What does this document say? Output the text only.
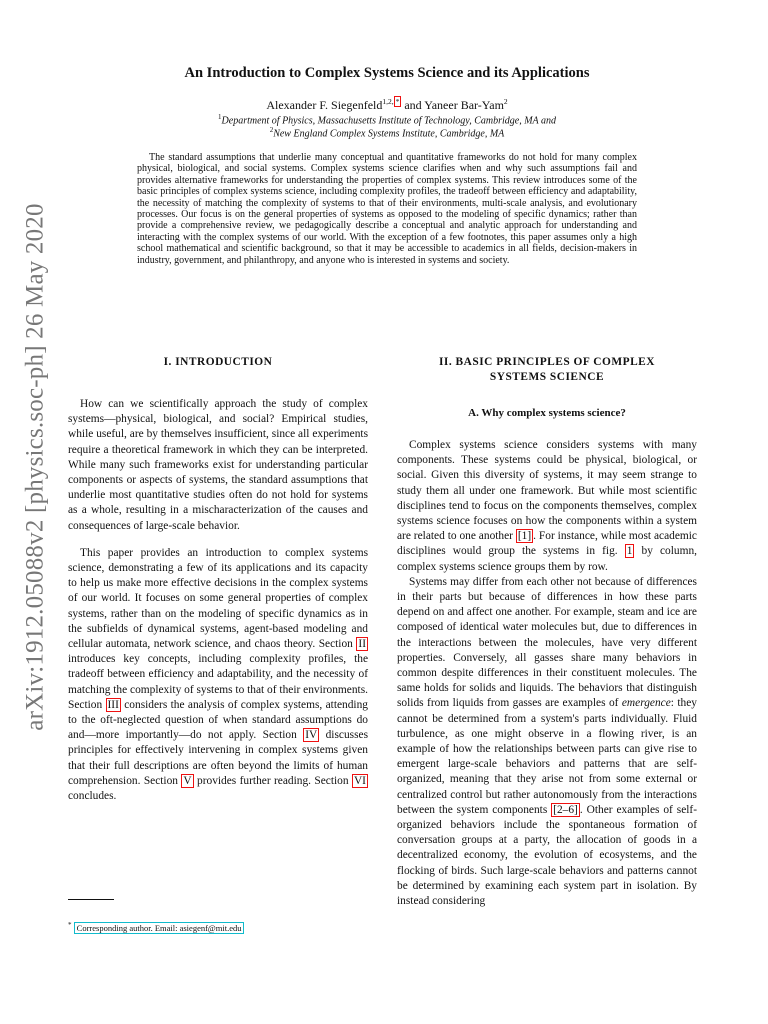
arXiv:1912.05088v2 [physics.soc-ph] 26 May 2020
An Introduction to Complex Systems Science and its Applications
Alexander F. Siegenfeld$^{1,2, *}$ and Yaneer Bar-Yam$^2$
$^1$Department of Physics, Massachusetts Institute of Technology, Cambridge, MA and
$^2$New England Complex Systems Institute, Cambridge, MA

The standard assumptions that underlie many conceptual and quantitative frameworks do not hold for many complex physical, biological, and social systems. Complex systems science clarifies when and why such assumptions fail and provides alternative frameworks for understanding the properties of complex systems. This review introduces some of the basic principles of complex systems science, including complexity profiles, the tradeoff between efficiency and adaptability, the necessity of matching the complexity of systems to that of their environments, multi-scale analysis, and evolutionary processes. Our focus is on the general properties of systems as opposed to the modeling of specific dynamics; rather than provide a comprehensive review, we pedagogically describe a conceptual and analytic approach for understanding and interacting with the complex systems of our world. With the exception of a few footnotes, this paper assumes only a high school mathematical and scientific background, so that it may be accessible to academics in all fields, decision-makers in industry, government, and philanthropy, and anyone who is interested in systems and society.

I. INTRODUCTION

How can we scientifically approach the study of complex systems—physical, biological, and social? Empirical studies, while useful, are by themselves insufficient, since all experiments require a theoretical framework in which they can be interpreted. While many such frameworks exist for understanding particular components or aspects of systems, the standard assumptions that underlie most quantitative studies often do not hold for systems as a whole, resulting in a mischaracterization of the causes and consequences of large-scale behavior.

This paper provides an introduction to complex systems science, demonstrating a few of its applications and its capacity to help us make more effective decisions in the complex systems of our world. It focuses on some general properties of complex systems, rather than on the modeling of specific dynamics as in the subfields of dynamical systems, agent-based modeling and cellular automata, network science, and chaos theory. Section II introduces key concepts, including complexity profiles, the tradeoff between efficiency and adaptability, and the necessity of matching the complexity of systems to that of their environments. Section III considers the analysis of complex systems, attending to the oft-neglected question of when standard assumptions do and—more importantly—do not apply. Section IV discusses principles for effectively intervening in complex systems given that their full descriptions are often beyond the limits of human comprehension. Section V provides further reading. Section VI concludes.

II. BASIC PRINCIPLES OF COMPLEX
SYSTEMS SCIENCE
A. Why complex systems science?

Complex systems science considers systems with many components. These systems could be physical, biological, or social. Given this diversity of systems, it may seem strange to study them all under one framework. But while most scientific disciplines tend to focus on the components themselves, complex systems science focuses on how the components within a system are related to one another [1] . For instance, while most academic disciplines would group the systems in fig. 1 by column, complex systems science groups them by row.

Systems may differ from each other not because of differences in their parts but because of differences in how these parts depend on and affect one another. For example, steam and ice are composed of identical water molecules but, due to differences in the interactions between the molecules, have very different properties. Conversely, all gasses share many behaviors in common despite differences in their constituent molecules. The same holds for solids and liquids. The behaviors that distinguish solids from liquids from gasses are examples of emergence: they cannot be determined from a system's parts individually. Fluid turbulence, as one might observe in a flowing river, is an example of how the relationships between parts can give rise to emergent large-scale behaviors and patterns that are self-organized, meaning that they arise not from some external or centralized control but rather autonomously from the interactions between the system components [2–6] . Other examples of self-organized behaviors include the spontaneous formation of conversation groups at a party, the allocation of goods in a decentralized economy, the evolution of ecosystems, and the flocking of birds. Such large-scale behaviors and patterns cannot be determined by examining each system part in isolation. By instead considering

* Corresponding author. Email: asiegenf@mit.edu
